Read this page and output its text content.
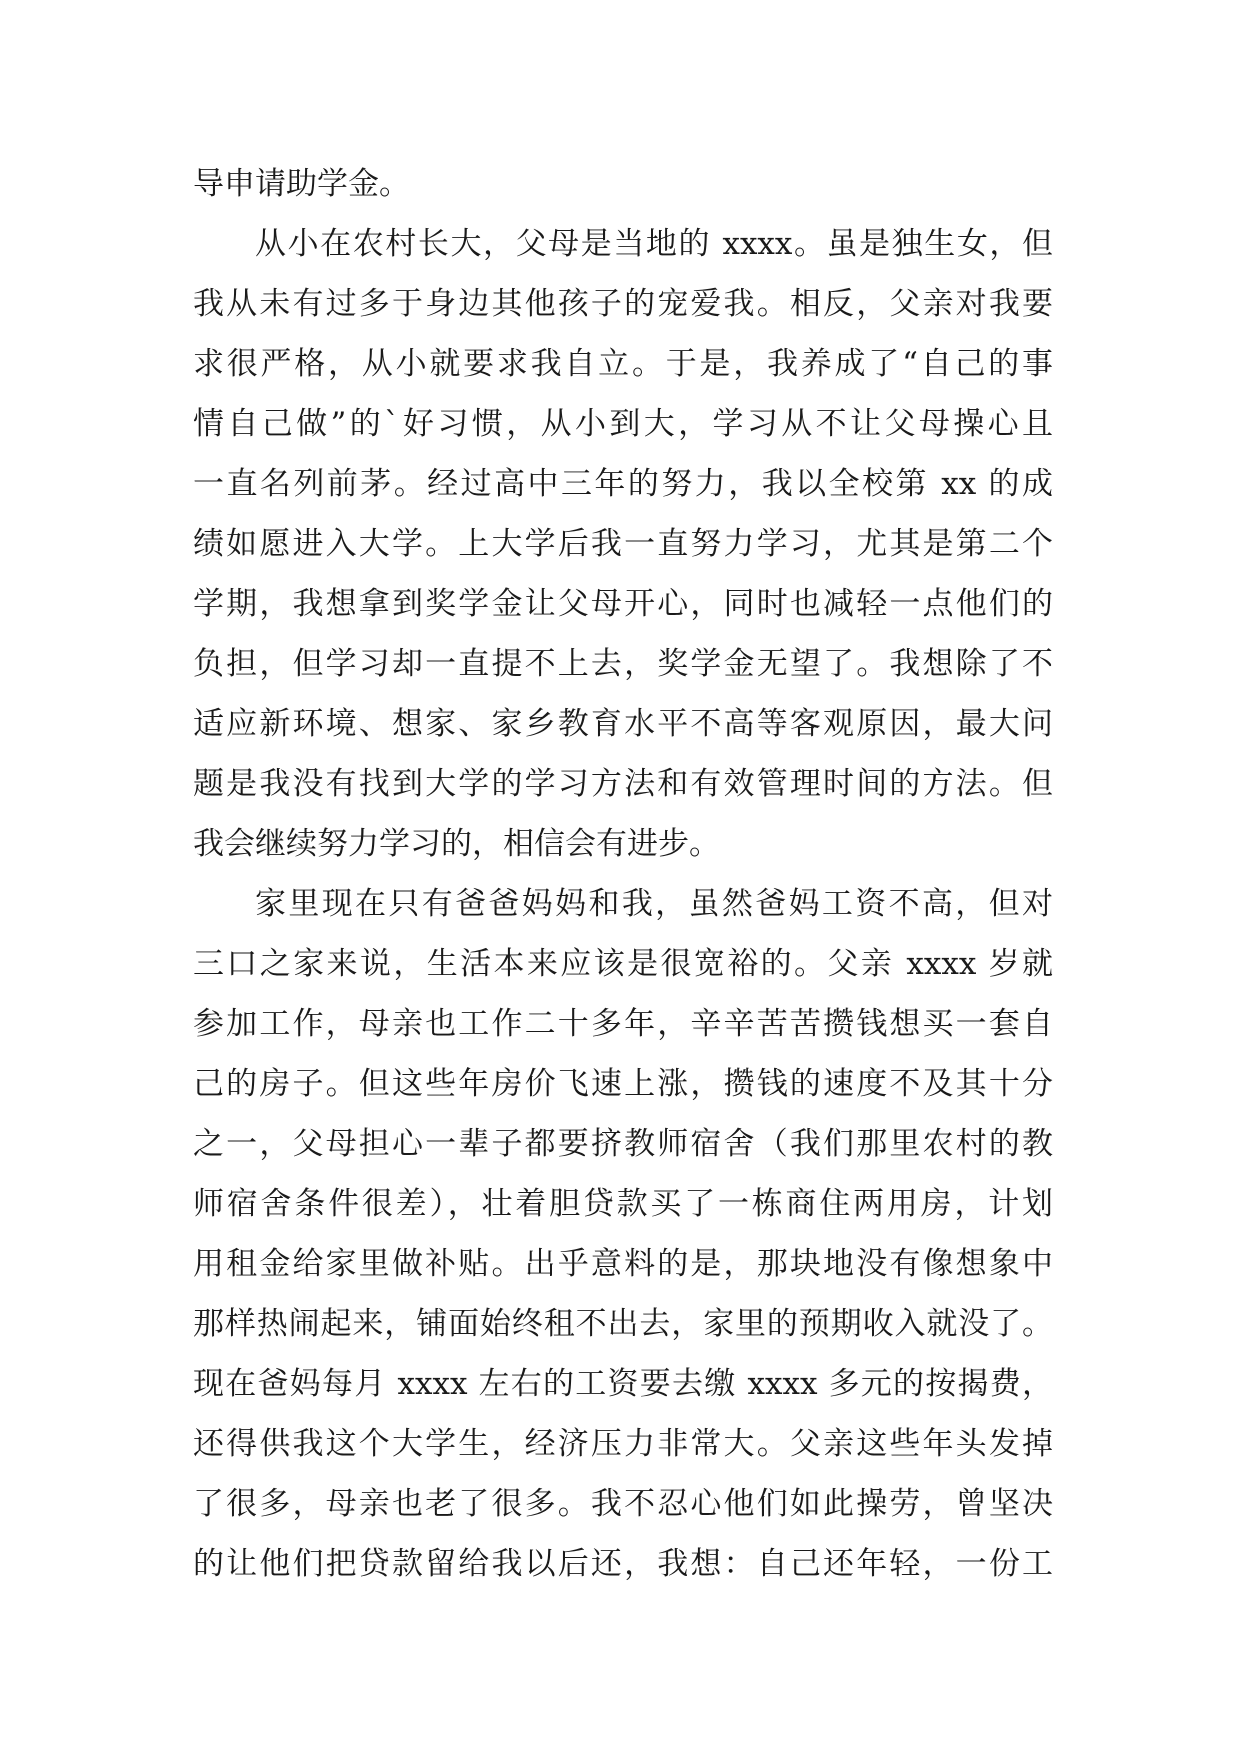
导申请助学金。
从小在农村长大，父母是当地的 xxxx。虽是独生女，但
我从未有过多于身边其他孩子的宠爱我。相反，父亲对我要
求很严格，从小就要求我自立。于是，我养成了“自己的事
情自己做”的`好习惯，从小到大，学习从不让父母操心且
一直名列前茅。经过高中三年的努力，我以全校第 xx 的成
绩如愿进入大学。上大学后我一直努力学习，尤其是第二个
学期，我想拿到奖学金让父母开心，同时也减轻一点他们的
负担，但学习却一直提不上去，奖学金无望了。我想除了不
适应新环境、想家、家乡教育水平不高等客观原因，最大问
题是我没有找到大学的学习方法和有效管理时间的方法。但
我会继续努力学习的，相信会有进步。
家里现在只有爸爸妈妈和我，虽然爸妈工资不高，但对
三口之家来说，生活本来应该是很宽裕的。父亲 xxxx 岁就
参加工作，母亲也工作二十多年，辛辛苦苦攒钱想买一套自
己的房子。但这些年房价飞速上涨，攒钱的速度不及其十分
之一，父母担心一辈子都要挤教师宿舍（我们那里农村的教
师宿舍条件很差），壮着胆贷款买了一栋商住两用房，计划
用租金给家里做补贴。出乎意料的是，那块地没有像想象中
那样热闹起来，铺面始终租不出去，家里的预期收入就没了。
现在爸妈每月 xxxx 左右的工资要去缴 xxxx 多元的按揭费，
还得供我这个大学生，经济压力非常大。父亲这些年头发掉
了很多，母亲也老了很多。我不忍心他们如此操劳，曾坚决
的让他们把贷款留给我以后还，我想：自己还年轻，一份工
